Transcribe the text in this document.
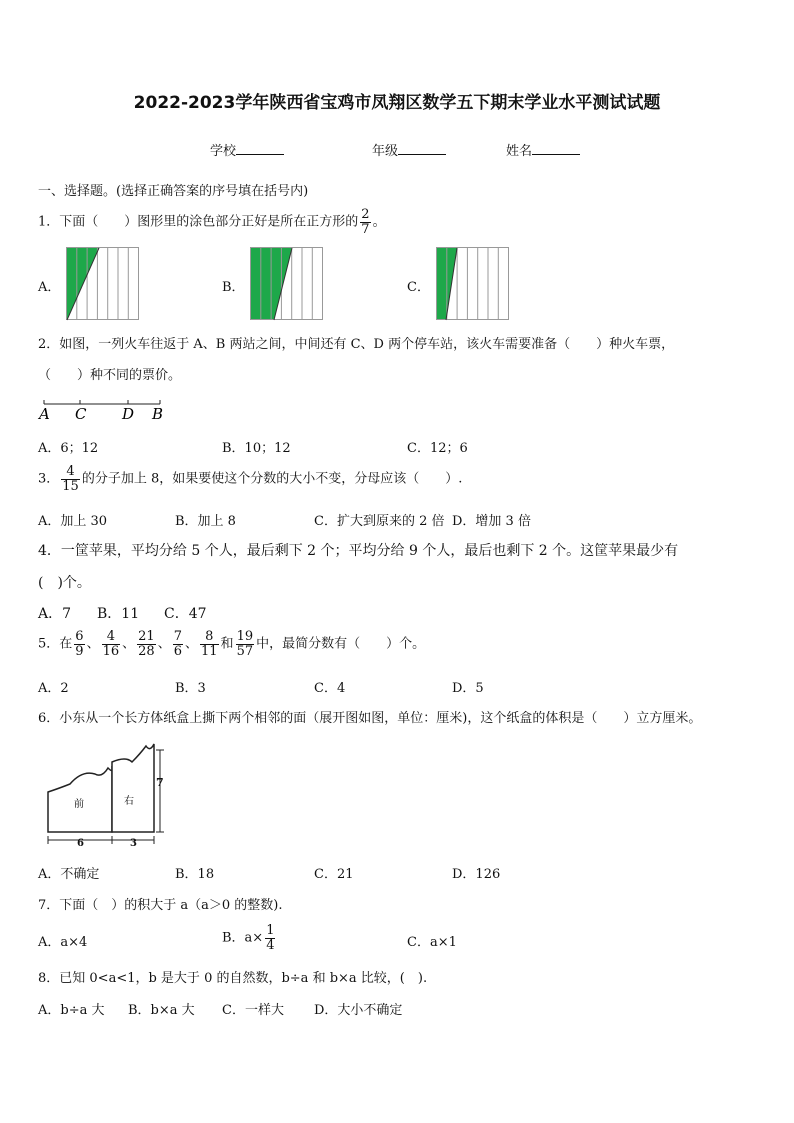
2022-2023学年陕西省宝鸡市凤翔区数学五下期末学业水平测试试题
学校	年级	姓名
一、选择题。(选择正确答案的序号填在括号内)
1．下面（　　）图形里的涂色部分正好是所在正方形的 $\frac{2}{7}$ 。
A．	B．	C．
2．如图，一列火车往返于 A、B 两站之间，中间还有 C、D 两个停车站，该火车需要准备（　　）种火车票，
（　　）种不同的票价。
A C D B
A．6；12	B．10；12	C．12；6
3． $\frac{4}{15}$ 的分子加上 8，如果要使这个分数的大小不变，分母应该（　　）.
A．加上 30	B．加上 8	C．扩大到原来的 2 倍 D．增加 3 倍
4．一筐苹果，平均分给 5 个人，最后剩下 2 个；平均分给 9 个人，最后也剩下 2 个。这筐苹果最少有
(　)个。
A．7 B．11 C．47
5．在 $\frac{6}{9}$ 、 $\frac{4}{16}$ 、 $\frac{21}{28}$ 、 $\frac{7}{6}$ 、 $\frac{8}{11}$ 和 $\frac{19}{57}$ 中，最简分数有（　　）个。
A．2	B．3	C．4	D．5
6．小东从一个长方体纸盒上撕下两个相邻的面（展开图如图，单位：厘米)，这个纸盒的体积是（　　）立方厘米。
前	右
6	3
7
A．不确定	B．18	C．21	D．126
7．下面（　）的积大于 a（a＞0 的整数).
A．a×4	B．$a\times \frac{1}{4}$	C．a×1
8．已知 0<a<1，b 是大于 0 的自然数，b÷a 和 b×a 比较，(　).
A．b÷a 大 B．b×a 大 C．一样大 D．大小不确定
